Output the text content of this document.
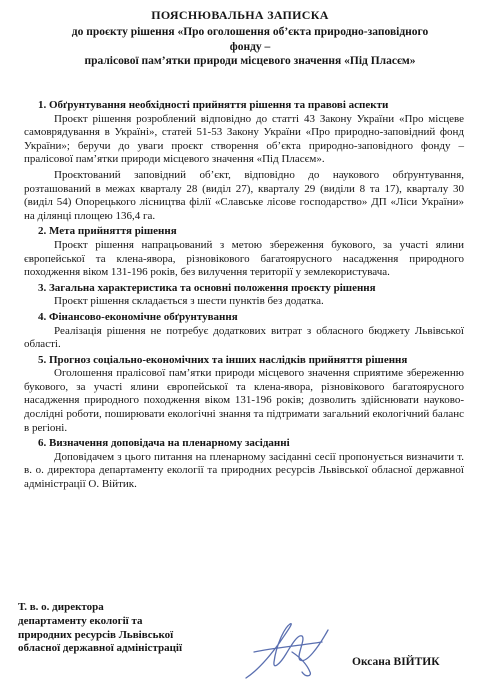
ПОЯСНЮВАЛЬНА ЗАПИСКА
до проєкту рішення «Про оголошення об’єкта природно-заповідного
фонду –
пралісової пам’ятки природи місцевого значення «Під Пласєм»
1. Обґрунтування необхідності прийняття рішення та правові аспекти

Проєкт рішення розроблений відповідно до статті 43 Закону України «Про місцеве самоврядування в Україні», статей 51-53 Закону України «Про природно-заповідний фонд України»; беручи до уваги проєкт створення об’єкта природно-заповідного фонду – пралісової пам’ятки природи місцевого значення «Під Пласєм».

Проєктований заповідний об’єкт, відповідно до наукового обґрунтування, розташований в межах кварталу 28 (виділ 27), кварталу 29 (виділи 8 та 17), кварталу 30 (виділ 54) Опорецького лісництва філії «Славське лісове господарство» ДП «Ліси України» на ділянці площею 136,4 га.

2. Мета прийняття рішення

Проєкт рішення напрацьований з метою збереження букового, за участі ялини європейської та клена-явора, різновікового багатоярусного насадження природного походження віком 131-196 років, без вилучення території у землекористувача.

3. Загальна характеристика та основні положення проєкту рішення

Проєкт рішення складається з шести пунктів без додатка.

4. Фінансово-економічне обґрунтування

Реалізація рішення не потребує додаткових витрат з обласного бюджету Львівської області.

5. Прогноз соціально-економічних та інших наслідків прийняття рішення

Оголошення пралісової пам’ятки природи місцевого значення сприятиме збереженню букового, за участі ялини європейської та клена-явора, різновікового багатоярусного насадження природного походження віком 131-196 років; дозволить здійснювати науково-дослідні роботи, поширювати екологічні знання та підтримати загальний екологічний баланс в регіоні.

6. Визначення доповідача на пленарному засіданні

Доповідачем з цього питання на пленарному засіданні сесії пропонується визначити т. в. о. директора департаменту екології та природних ресурсів Львівської обласної державної адміністрації О. Війтик.

Т. в. о. директора
департаменту екології та
природних ресурсів Львівської
обласної державної адміністрації
Оксана ВІЙТИК
